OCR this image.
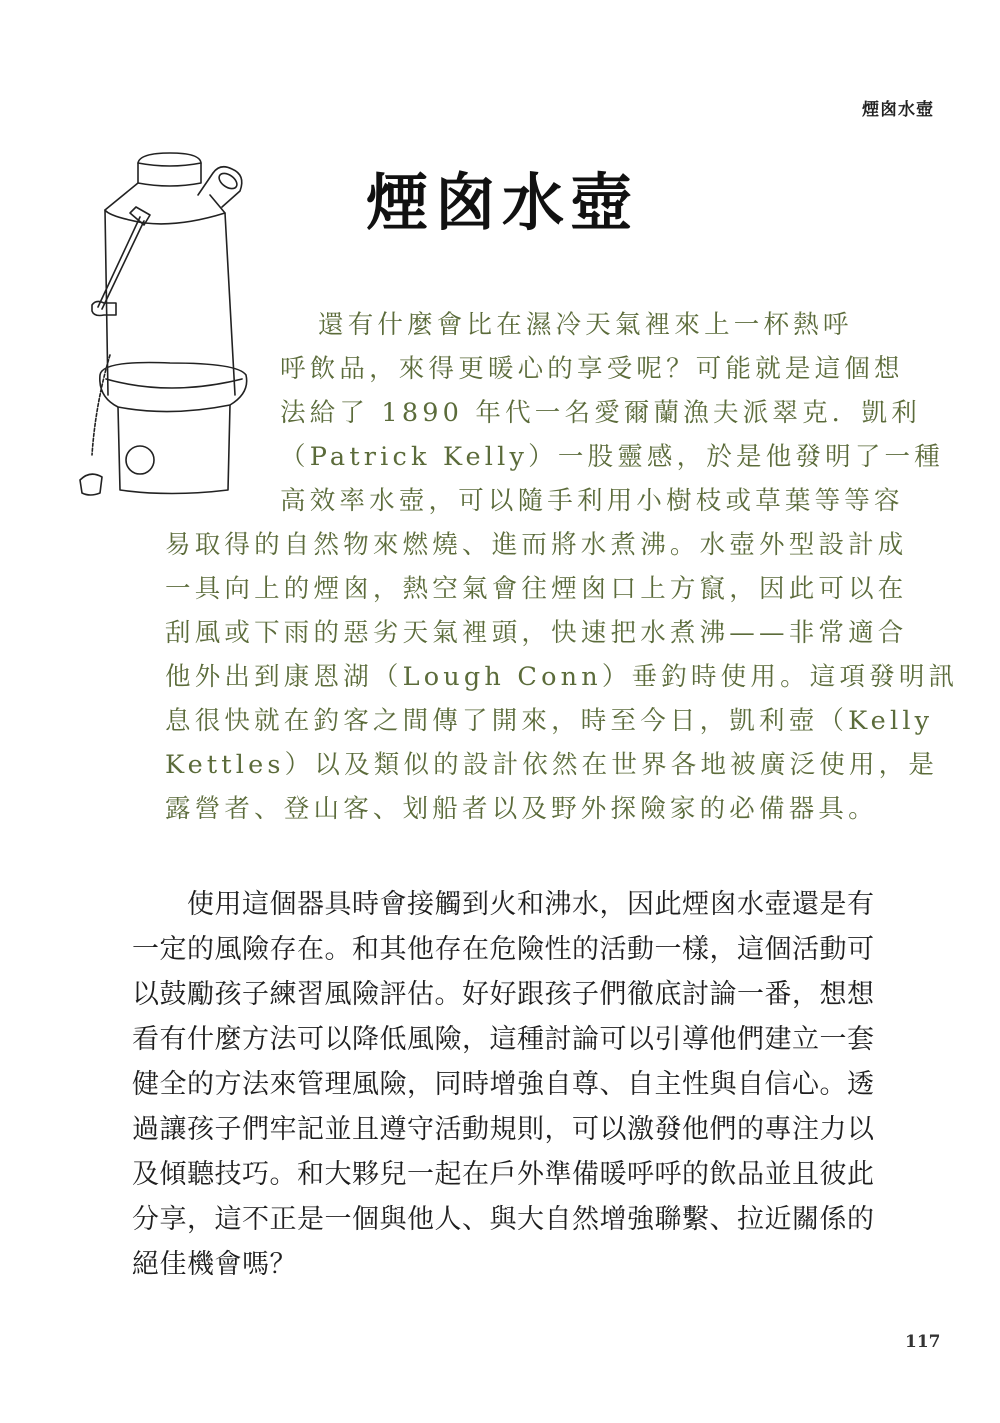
煙囪水壺
煙囪水壺
還有什麼會比在濕冷天氣裡來上一杯熱呼
呼飲品，來得更暖心的享受呢？可能就是這個想
法給了 1890 年代一名愛爾蘭漁夫派翠克．凱利
（Patrick Kelly）一股靈感，於是他發明了一種
高效率水壺，可以隨手利用小樹枝或草葉等等容
易取得的自然物來燃燒、進而將水煮沸。水壺外型設計成
一具向上的煙囪，熱空氣會往煙囪口上方竄，因此可以在
刮風或下雨的惡劣天氣裡頭，快速把水煮沸——非常適合
他外出到康恩湖（Lough Conn）垂釣時使用。這項發明訊
息很快就在釣客之間傳了開來，時至今日，凱利壺（Kelly
Kettles）以及類似的設計依然在世界各地被廣泛使用，是
露營者、登山客、划船者以及野外探險家的必備器具。
使用這個器具時會接觸到火和沸水，因此煙囪水壺還是有
一定的風險存在。和其他存在危險性的活動一樣，這個活動可
以鼓勵孩子練習風險評估。好好跟孩子們徹底討論一番，想想
看有什麼方法可以降低風險，這種討論可以引導他們建立一套
健全的方法來管理風險，同時增強自尊、自主性與自信心。透
過讓孩子們牢記並且遵守活動規則，可以激發他們的專注力以
及傾聽技巧。和大夥兒一起在戶外準備暖呼呼的飲品並且彼此
分享，這不正是一個與他人、與大自然增強聯繫、拉近關係的
絕佳機會嗎？
117
